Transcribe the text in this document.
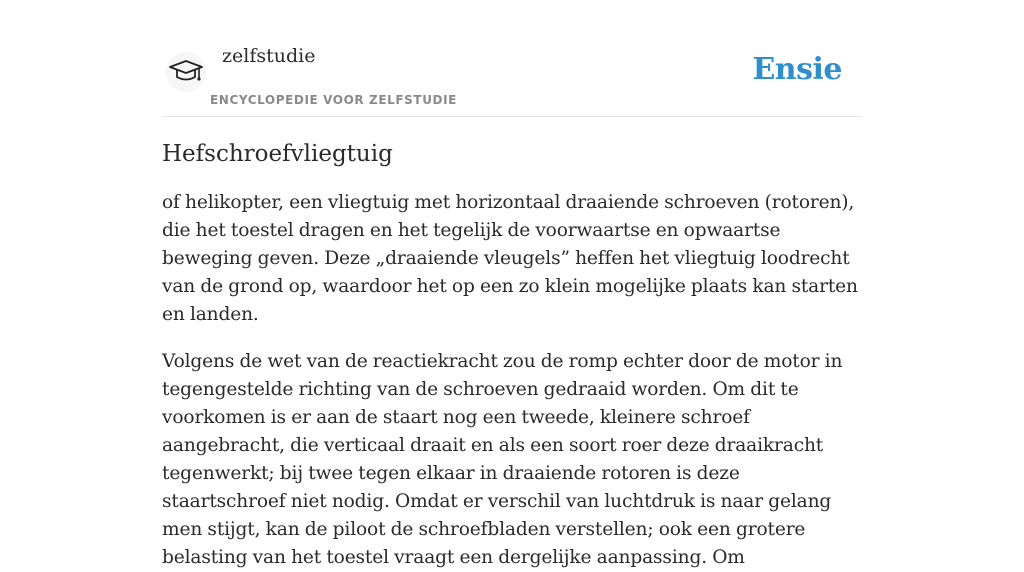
zelfstudie
ENCYCLOPEDIE VOOR ZELFSTUDIE
Ensie
Hefschroefvliegtuig

of helikopter, een vliegtuig met horizontaal draaiende schroeven (rotoren), die het toestel dragen en het tegelijk de voorwaartse en opwaartse beweging geven. Deze „draaiende vleugels” heffen het vliegtuig loodrecht van de grond op, waardoor het op een zo klein mogelijke plaats kan starten en landen.

Volgens de wet van de reactiekracht zou de romp echter door de motor in tegengestelde richting van de schroeven gedraaid worden. Om dit te voorkomen is er aan de staart nog een tweede, kleinere schroef aangebracht, die verticaal draait en als een soort roer deze draaikracht tegenwerkt; bij twee tegen elkaar in draaiende rotoren is deze staartschroef niet nodig. Omdat er verschil van luchtdruk is naar gelang men stijgt, kan de piloot de schroefbladen verstellen; ook een grotere belasting van het toestel vraagt een dergelijke aanpassing. Om
